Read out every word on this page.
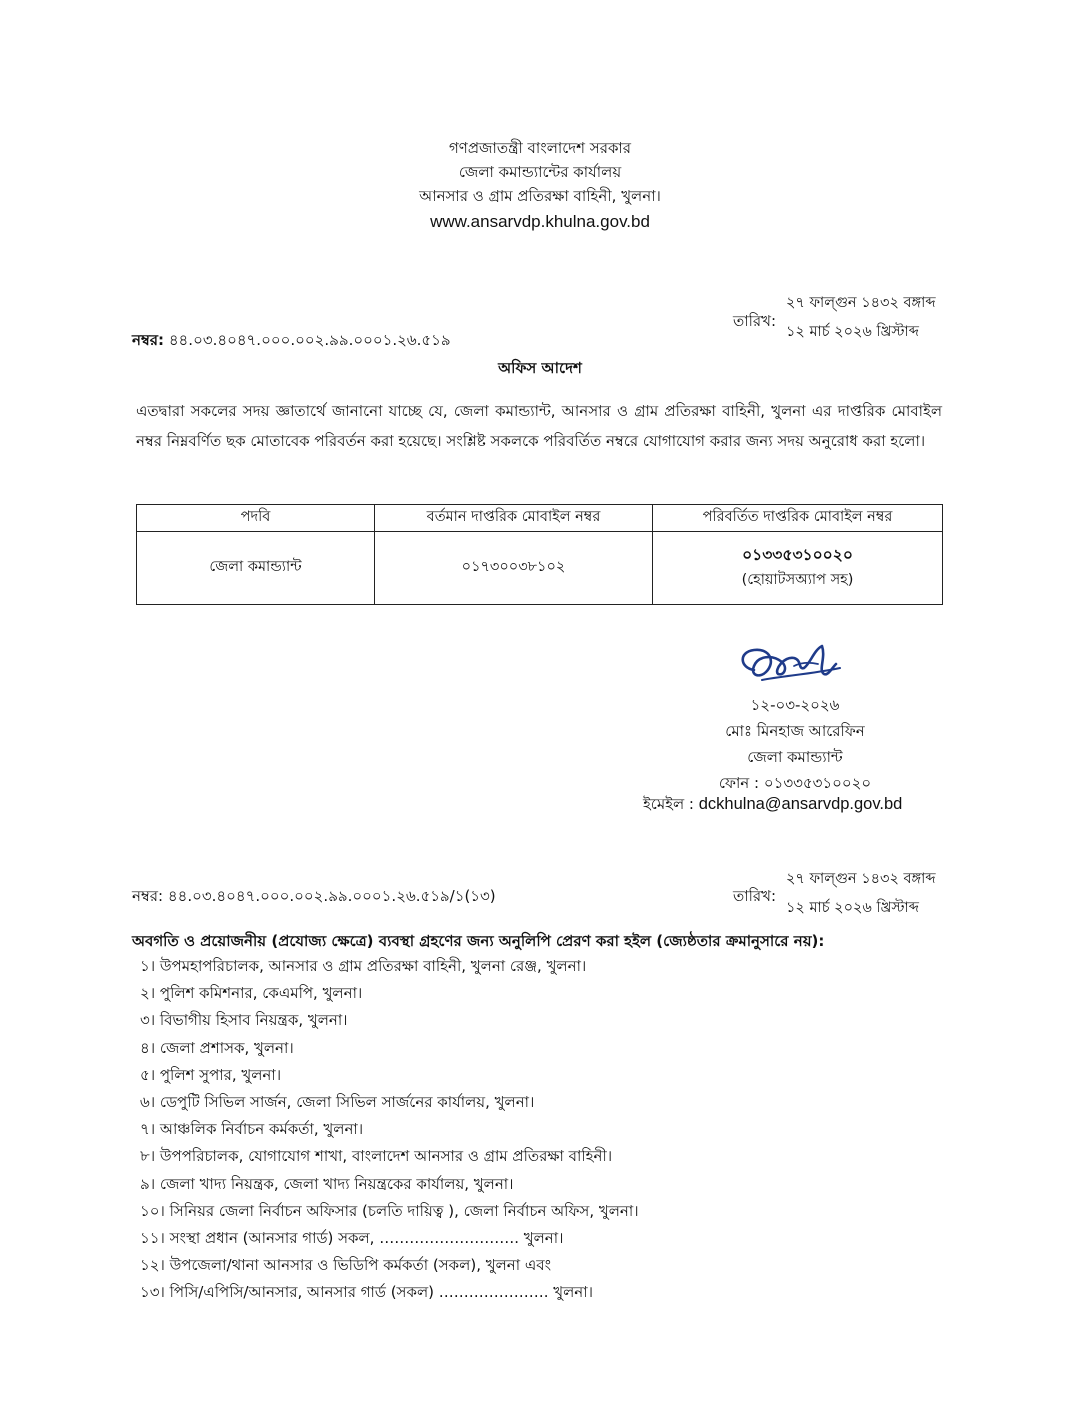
গণপ্রজাতন্ত্রী বাংলাদেশ সরকার
জেলা কমান্ড্যান্টের কার্যালয়
আনসার ও গ্রাম প্রতিরক্ষা বাহিনী, খুলনা।
www.ansarvdp.khulna.gov.bd
নম্বর: ৪৪.০৩.৪০৪৭.০০০.০০২.৯৯.০০০১.২৬.৫১৯
তারিখ:
২৭ ফাল্গুন ১৪৩২ বঙ্গাব্দ
১২ মার্চ ২০২৬ খ্রিস্টাব্দ
অফিস আদেশ
এতদ্বারা সকলের সদয় জ্ঞাতার্থে জানানো যাচ্ছে যে, জেলা কমান্ড্যান্ট, আনসার ও গ্রাম প্রতিরক্ষা বাহিনী, খুলনা এর দাপ্তরিক মোবাইল নম্বর নিম্নবর্ণিত ছক মোতাবেক পরিবর্তন করা হয়েছে। সংশ্লিষ্ট সকলকে পরিবর্তিত নম্বরে যোগাযোগ করার জন্য সদয় অনুরোধ করা হলো।
পদবি	বর্তমান দাপ্তরিক মোবাইল নম্বর	পরিবর্তিত দাপ্তরিক মোবাইল নম্বর
জেলা কমান্ড্যান্ট	০১৭৩০০৩৮১০২	০১৩৩৫৩১০০২০
(হোয়াটসঅ্যাপ সহ)
১২-০৩-২০২৬
মোঃ মিনহাজ আরেফিন
জেলা কমান্ড্যান্ট
ফোন : ০১৩৩৫৩১০০২০
ইমেইল : dckhulna@ansarvdp.gov.bd
নম্বর: ৪৪.০৩.৪০৪৭.০০০.০০২.৯৯.০০০১.২৬.৫১৯/১(১৩)	তারিখ:
২৭ ফাল্গুন ১৪৩২ বঙ্গাব্দ
১২ মার্চ ২০২৬ খ্রিস্টাব্দ
অবগতি ও প্রয়োজনীয় (প্রযোজ্য ক্ষেত্রে) ব্যবস্থা গ্রহণের জন্য অনুলিপি প্রেরণ করা হইল (জ্যেষ্ঠতার ক্রমানুসারে নয়):
১। উপমহাপরিচালক, আনসার ও গ্রাম প্রতিরক্ষা বাহিনী, খুলনা রেঞ্জ, খুলনা।
২। পুলিশ কমিশনার, কেএমপি, খুলনা।
৩। বিভাগীয় হিসাব নিয়ন্ত্রক, খুলনা।
৪। জেলা প্রশাসক, খুলনা।
৫। পুলিশ সুপার, খুলনা।
৬। ডেপুটি সিভিল সার্জন, জেলা সিভিল সার্জনের কার্যালয়, খুলনা।
৭। আঞ্চলিক নির্বাচন কর্মকর্তা, খুলনা।
৮। উপপরিচালক, যোগাযোগ শাখা, বাংলাদেশ আনসার ও গ্রাম প্রতিরক্ষা বাহিনী।
৯। জেলা খাদ্য নিয়ন্ত্রক, জেলা খাদ্য নিয়ন্ত্রকের কার্যালয়, খুলনা।
১০। সিনিয়র জেলা নির্বাচন অফিসার (চলতি দায়িত্ব ), জেলা নির্বাচন অফিস, খুলনা।
১১। সংস্থা প্রধান (আনসার গার্ড) সকল, ………………………. খুলনা।
১২। উপজেলা/থানা আনসার ও ভিডিপি কর্মকর্তা (সকল), খুলনা এবং
১৩। পিসি/এপিসি/আনসার, আনসার গার্ড (সকল) …………………. খুলনা।
